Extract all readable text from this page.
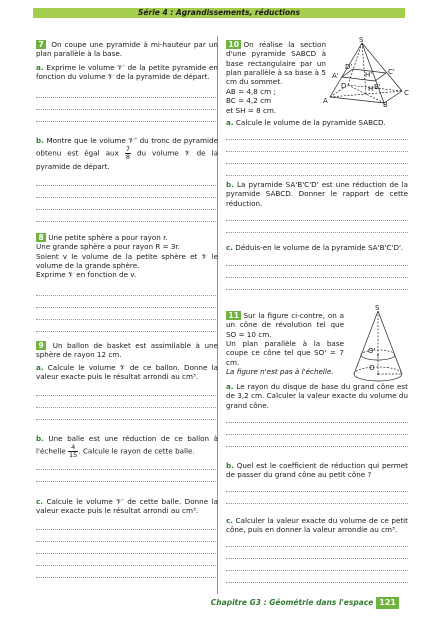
Série 4 : Agrandissements, réductions
7 On coupe une pyramide à mi-hauteur par un plan parallèle à la base.
a. Exprime le volume 𝒱′ de la petite pyramide en fonction du volume 𝒱 de la pyramide de départ.
b. Montre que le volume 𝒱″ du tronc de pyramide obtenu est égal aux $\frac{7}{8}$ du volume 𝒱 de la pyramide de départ.
8 Une petite sphère a pour rayon r.
Une grande sphère a pour rayon R = 3r.
Soient v le volume de la petite sphère et 𝒱 le volume de la grande sphère.
Exprime 𝒱 en fonction de v.
9 Un ballon de basket est assimilable à une sphère de rayon 12 cm.
a. Calcule le volume 𝒱 de ce ballon. Donne la valeur exacte puis le résultat arrondi au cm³.
b. Une balle est une réduction de ce ballon à l'échelle $\frac{4}{15}$ . Calcule le rayon de cette balle.
c. Calcule le volume 𝒱′ de cette balle. Donne la valeur exacte puis le résultat arrondi au cm³.
10 On réalise la section d'une pyramide SABCD à base rectangulaire par un plan parallèle à sa base à 5 cm du sommet.
AB = 4,8 cm ;
BC = 4,2 cm
et SH = 8 cm.
S
A	B
C
D	H
A'
B'
C'
D'
H'
a. Calcule le volume de la pyramide SABCD.
b. La pyramide SA'B'C'D' est une réduction de la pyramide SABCD. Donner le rapport de cette réduction.
c. Déduis-en le volume de la pyramide SA'B'C'D'.
11 Sur la figure ci-contre, on a un cône de révolution tel que SO = 10 cm.
Un plan parallèle à la base coupe ce cône tel que SO' = 7 cm.
La figure n'est pas à l'échelle.
S
O'
O
a. Le rayon du disque de base du grand cône est de 3,2 cm. Calculer la valeur exacte du volume du grand cône.
b. Quel est le coefficient de réduction qui permet de passer du grand cône au petit cône ?
c. Calculer la valeur exacte du volume de ce petit cône, puis en donner la valeur arrondie au cm³.
Chapitre G3 : Géométrie dans l'espace 121
